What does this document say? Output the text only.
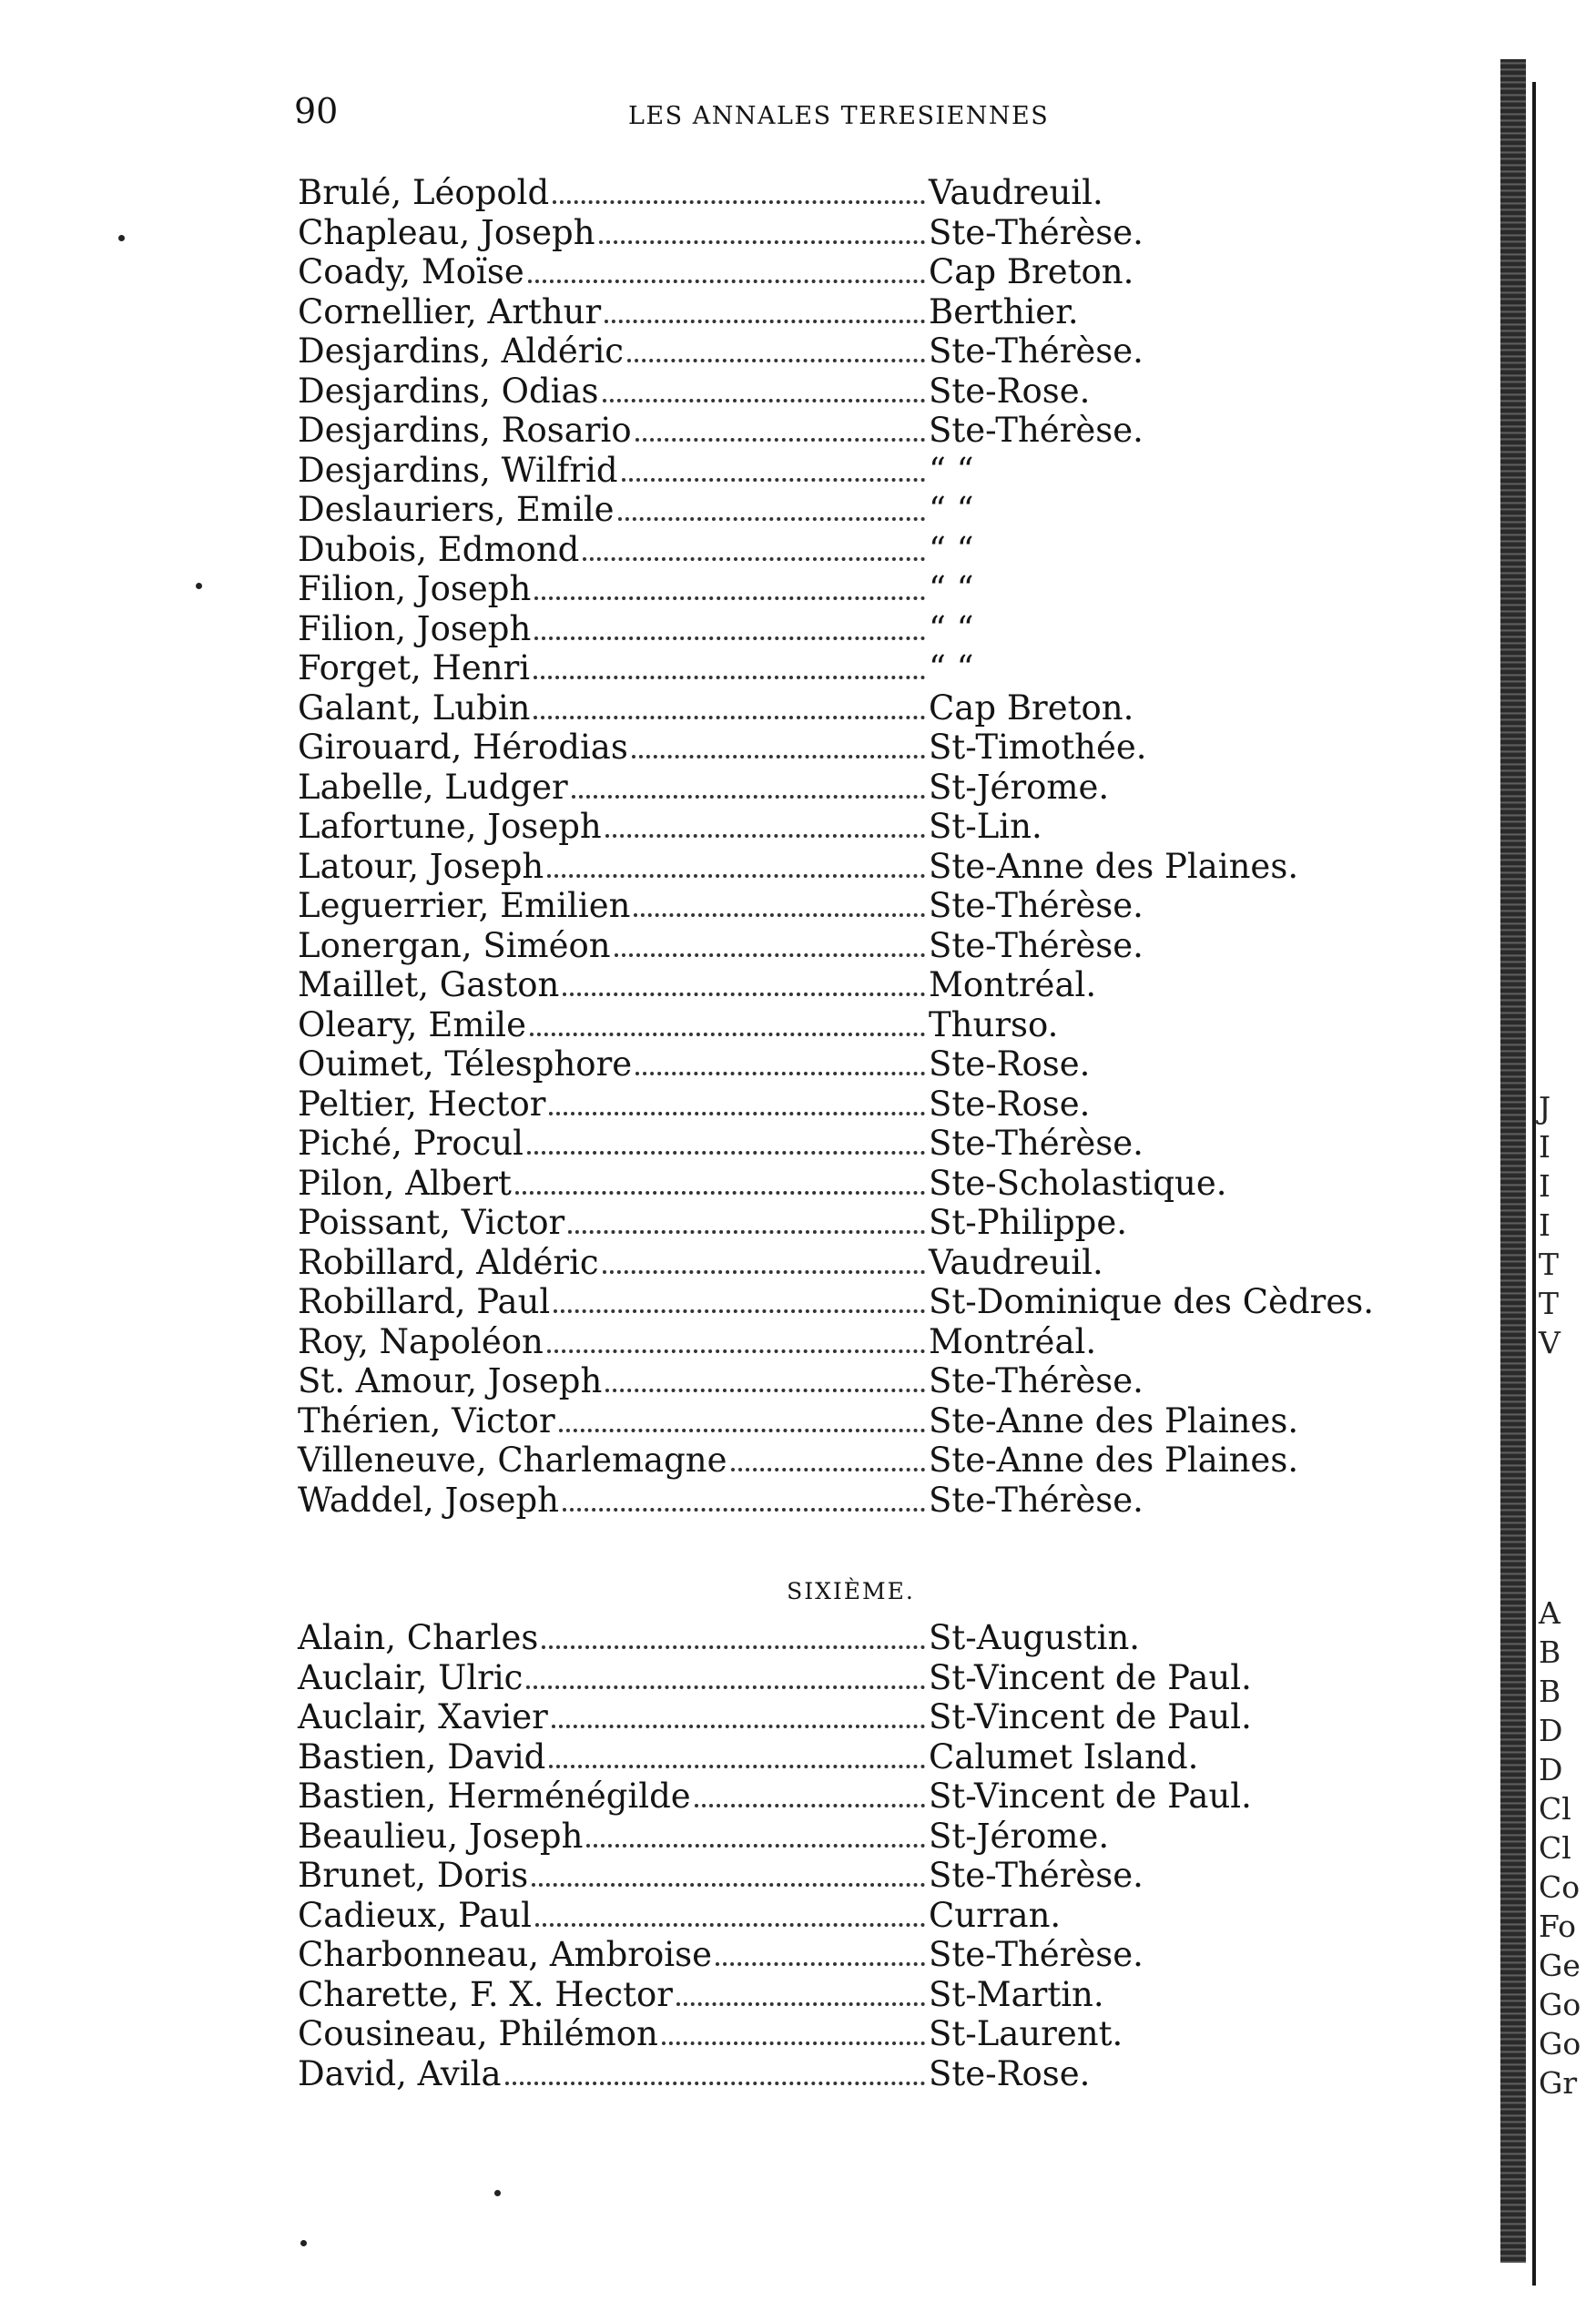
90	LES ANNALES TERESIENNES
Brulé, Léopold	Vaudreuil.
Chapleau, Joseph	Ste-Thérèse.
Coady, Moïse	Cap Breton.
Cornellier, Arthur	Berthier.
Desjardins, Aldéric	Ste-Thérèse.
Desjardins, Odias	Ste-Rose.
Desjardins, Rosario	Ste-Thérèse.
Desjardins, Wilfrid	“ “
Deslauriers, Emile	“ “
Dubois, Edmond	“ “
Filion, Joseph	“ “
Filion, Joseph	“ “
Forget, Henri	“ “
Galant, Lubin	Cap Breton.
Girouard, Hérodias	St-Timothée.
Labelle, Ludger	St-Jérome.
Lafortune, Joseph	St-Lin.
Latour, Joseph	Ste-Anne des Plaines.
Leguerrier, Emilien	Ste-Thérèse.
Lonergan, Siméon	Ste-Thérèse.
Maillet, Gaston	Montréal.
Oleary, Emile	Thurso.
Ouimet, Télesphore	Ste-Rose.
Peltier, Hector	Ste-Rose.
Piché, Procul	Ste-Thérèse.
Pilon, Albert	Ste-Scholastique.
Poissant, Victor	St-Philippe.
Robillard, Aldéric	Vaudreuil.
Robillard, Paul	St-Dominique des Cèdres.
Roy, Napoléon	Montréal.
St. Amour, Joseph	Ste-Thérèse.
Thérien, Victor	Ste-Anne des Plaines.
Villeneuve, Charlemagne	Ste-Anne des Plaines.
Waddel, Joseph	Ste-Thérèse.
SIXIÈME.
Alain, Charles	St-Augustin.
Auclair, Ulric	St-Vincent de Paul.
Auclair, Xavier	St-Vincent de Paul.
Bastien, David	Calumet Island.
Bastien, Herménégilde	St-Vincent de Paul.
Beaulieu, Joseph	St-Jérome.
Brunet, Doris	Ste-Thérèse.
Cadieux, Paul	Curran.
Charbonneau, Ambroise	Ste-Thérèse.
Charette, F. X. Hector	St-Martin.
Cousineau, Philémon	St-Laurent.
David, Avila	Ste-Rose.
J
I
I
I
T
T
V
A
B
B
D
D
Cl
Cl
Co
Fo
Ge
Go
Go
Gr
